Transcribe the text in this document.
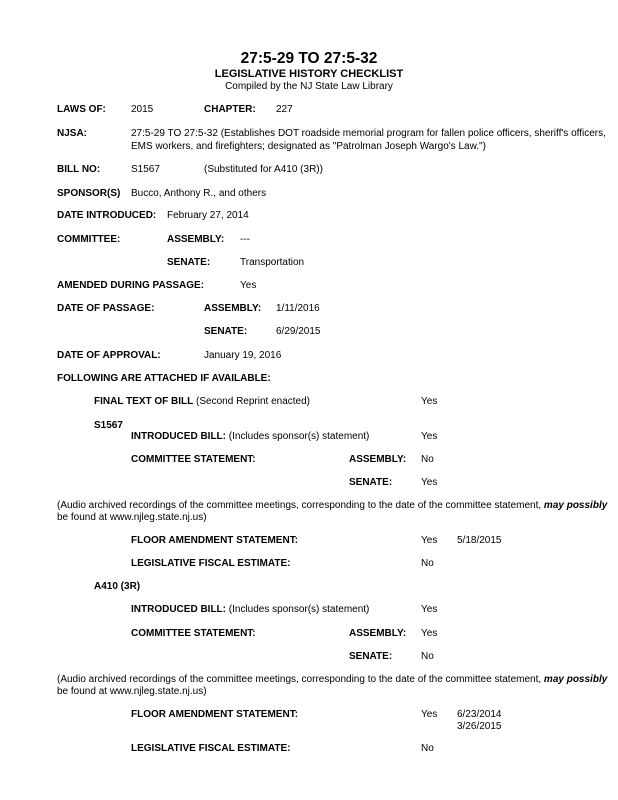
27:5-29 TO 27:5-32
LEGISLATIVE HISTORY CHECKLIST
Compiled by the NJ State Law Library
LAWS OF:	2015	CHAPTER: 227
NJSA:	27:5-29 TO 27:5-32 (Establishes DOT roadside memorial program for fallen police officers, sheriff's officers,
EMS workers, and firefighters; designated as "Patrolman Joseph Wargo's Law.")
BILL NO:	S1567	(Substituted for A410 (3R))
SPONSOR(S) Bucco, Anthony R., and others
DATE INTRODUCED: February 27, 2014
COMMITTEE:	ASSEMBLY: ---
SENATE:	Transportation
AMENDED DURING PASSAGE:	Yes
DATE OF PASSAGE:	ASSEMBLY: 1/11/2016
SENATE:	6/29/2015
DATE OF APPROVAL:	January 19, 2016
FOLLOWING ARE ATTACHED IF AVAILABLE:
FINAL TEXT OF BILL (Second Reprint enacted)	Yes
S1567
INTRODUCED BILL: (Includes sponsor(s) statement)	Yes
COMMITTEE STATEMENT:	ASSEMBLY: No
SENATE:	Yes
(Audio archived recordings of the committee meetings, corresponding to the date of the committee statement, may possibly
be found at www.njleg.state.nj.us)
FLOOR AMENDMENT STATEMENT:	Yes 5/18/2015
LEGISLATIVE FISCAL ESTIMATE:	No
A410 (3R)
INTRODUCED BILL: (Includes sponsor(s) statement)	Yes
COMMITTEE STATEMENT:	ASSEMBLY: Yes
SENATE:	No
(Audio archived recordings of the committee meetings, corresponding to the date of the committee statement, may possibly
be found at www.njleg.state.nj.us)
FLOOR AMENDMENT STATEMENT:	Yes 6/23/2014
3/26/2015
LEGISLATIVE FISCAL ESTIMATE:	No
